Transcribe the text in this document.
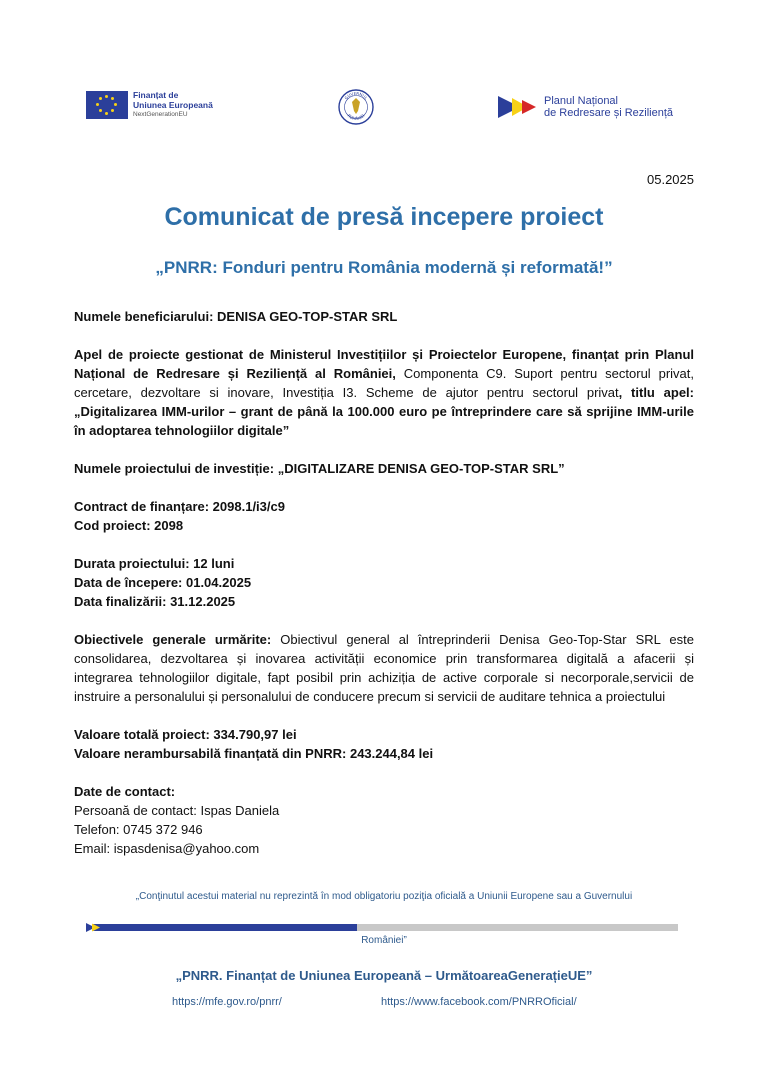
Finanțat de
Uniunea Europeană
NextGenerationEU
GUVERNUL
ROMÂNIEI
Planul Național
de Redresare și Reziliență
05.2025
Comunicat de presă incepere proiect
„PNRR: Fonduri pentru România modernă și reformată!”

Numele beneficiarului: DENISA GEO-TOP-STAR SRL

Apel de proiecte gestionat de Ministerul Investițiilor și Proiectelor Europene, finanțat prin Planul Național de Redresare și Reziliență al României, Componenta C9. Suport pentru sectorul privat, cercetare, dezvoltare si inovare, Investiția I3. Scheme de ajutor pentru sectorul privat, titlu apel: „Digitalizarea IMM-urilor – grant de până la 100.000 euro pe întreprindere care să sprijine IMM-urile în adoptarea tehnologiilor digitale”

Numele proiectului de investiție: „DIGITALIZARE DENISA GEO-TOP-STAR SRL”

Contract de finanțare: 2098.1/i3/c9

Cod proiect: 2098

Durata proiectului: 12 luni

Data de începere: 01.04.2025

Data finalizării: 31.12.2025

Obiectivele generale urmărite: Obiectivul general al întreprinderii Denisa Geo-Top-Star SRL este consolidarea, dezvoltarea și inovarea activității economice prin transformarea digitală a afacerii și integrarea tehnologiilor digitale, fapt posibil prin achiziția de active corporale si necorporale,servicii de instruire a personalului și personalului de conducere precum si servicii de auditare tehnica a proiectului

Valoare totală proiect: 334.790,97 lei

Valoare nerambursabilă finanțată din PNRR: 243.244,84 lei

Date de contact:

Persoană de contact: Ispas Daniela

Telefon: 0745 372 946

Email: ispasdenisa@yahoo.com

„Conţinutul acestui material nu reprezintă în mod obligatoriu poziţia oficială a Uniunii Europene sau a Guvernului
României”
„PNRR. Finanțat de Uniunea Europeană – UrmătoareaGenerațieUE”
https://mfe.gov.ro/pnrr/	https://www.facebook.com/PNRROficial/
